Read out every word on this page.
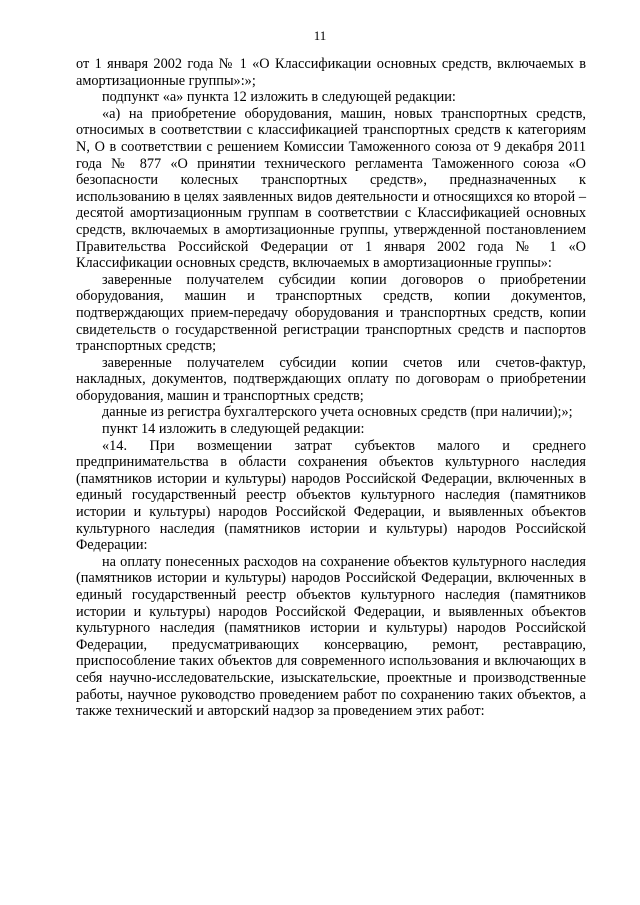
11

от 1 января 2002 года № 1 «О Классификации основных средств, включаемых в амортизационные группы»:»;

подпункт «а» пункта 12 изложить в следующей редакции:

«а) на приобретение оборудования, машин, новых транспортных средств, относимых в соответствии с классификацией транспортных средств к категориям N, O в соответствии с решением Комиссии Таможенного союза от 9 декабря 2011 года № 877 «О принятии технического регламента Таможенного союза «О безопасности колесных транспортных средств», предназначенных к использованию в целях заявленных видов деятельности и относящихся ко второй – десятой амортизационным группам в соответствии с Классификацией основных средств, включаемых в амортизационные группы, утвержденной постановлением Правительства Российской Федерации от 1 января 2002 года № 1 «О Классификации основных средств, включаемых в амортизационные группы»:

заверенные получателем субсидии копии договоров о приобретении оборудования, машин и транспортных средств, копии документов, подтверждающих прием-передачу оборудования и транспортных средств, копии свидетельств о государственной регистрации транспортных средств и паспортов транспортных средств;

заверенные получателем субсидии копии счетов или счетов-фактур, накладных, документов, подтверждающих оплату по договорам о приобретении оборудования, машин и транспортных средств;

данные из регистра бухгалтерского учета основных средств (при наличии);»;

пункт 14 изложить в следующей редакции:

«14. При возмещении затрат субъектов малого и среднего предпринимательства в области сохранения объектов культурного наследия (памятников истории и культуры) народов Российской Федерации, включенных в единый государственный реестр объектов культурного наследия (памятников истории и культуры) народов Российской Федерации, и выявленных объектов культурного наследия (памятников истории и культуры) народов Российской Федерации:

на оплату понесенных расходов на сохранение объектов культурного наследия (памятников истории и культуры) народов Российской Федерации, включенных в единый государственный реестр объектов культурного наследия (памятников истории и культуры) народов Российской Федерации, и выявленных объектов культурного наследия (памятников истории и культуры) народов Российской Федерации, предусматривающих консервацию, ремонт, реставрацию, приспособление таких объектов для современного использования и включающих в себя научно-исследовательские, изыскательские, проектные и производственные работы, научное руководство проведением работ по сохранению таких объектов, а также технический и авторский надзор за проведением этих работ:
